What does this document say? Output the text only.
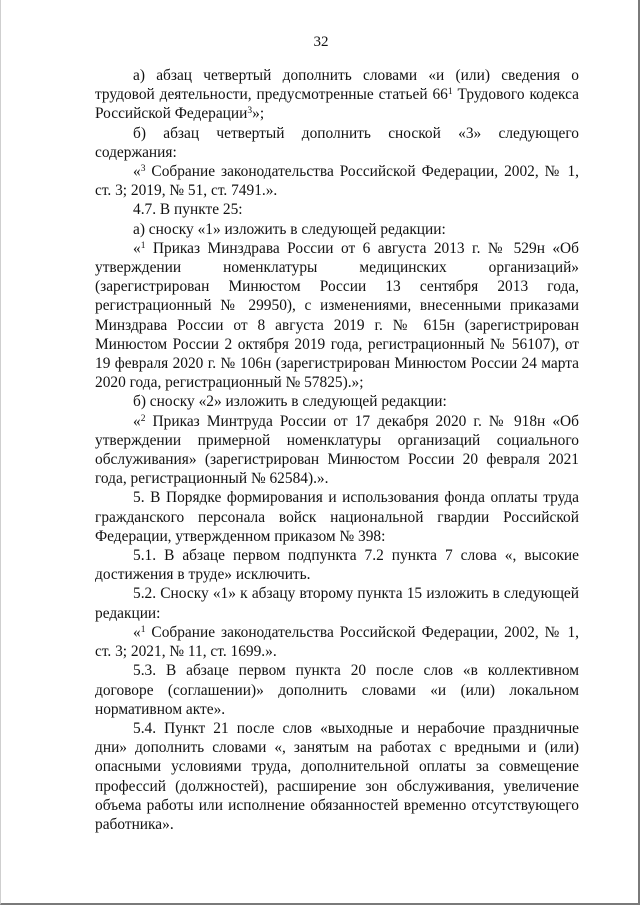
32

а) абзац четвертый дополнить словами «и (или) сведения о трудовой деятельности, предусмотренные статьей $66^1$ Трудового кодекса Российской Федерации$^3$»;

б) абзац четвертый дополнить сноской «3» следующего содержания:

«$^3$ Собрание законодательства Российской Федерации, 2002, № 1, ст. 3; 2019, № 51, ст. 7491.».

4.7. В пункте 25:

а) сноску «1» изложить в следующей редакции:

«$^1$ Приказ Минздрава России от 6 августа 2013 г. № 529н «Об утверждении номенклатуры медицинских организаций» (зарегистрирован Минюстом России 13 сентября 2013 года, регистрационный № 29950), с изменениями, внесенными приказами Минздрава России от 8 августа 2019 г. № 615н (зарегистрирован Минюстом России 2 октября 2019 года, регистрационный № 56107), от 19 февраля 2020 г. № 106н (зарегистрирован Минюстом России 24 марта 2020 года, регистрационный № 57825).»;

б) сноску «2» изложить в следующей редакции:

«$^2$ Приказ Минтруда России от 17 декабря 2020 г. № 918н «Об утверждении примерной номенклатуры организаций социального обслуживания» (зарегистрирован Минюстом России 20 февраля 2021 года, регистрационный № 62584).».

5. В Порядке формирования и использования фонда оплаты труда гражданского персонала войск национальной гвардии Российской Федерации, утвержденном приказом № 398:

5.1. В абзаце первом подпункта 7.2 пункта 7 слова «, высокие достижения в труде» исключить.

5.2. Сноску «1» к абзацу второму пункта 15 изложить в следующей редакции:

«$^1$ Собрание законодательства Российской Федерации, 2002, № 1, ст. 3; 2021, № 11, ст. 1699.».

5.3. В абзаце первом пункта 20 после слов «в коллективном договоре (соглашении)» дополнить словами «и (или) локальном нормативном акте».

5.4. Пункт 21 после слов «выходные и нерабочие праздничные дни» дополнить словами «, занятым на работах с вредными и (или) опасными условиями труда, дополнительной оплаты за совмещение профессий (должностей), расширение зон обслуживания, увеличение объема работы или исполнение обязанностей временно отсутствующего работника».
